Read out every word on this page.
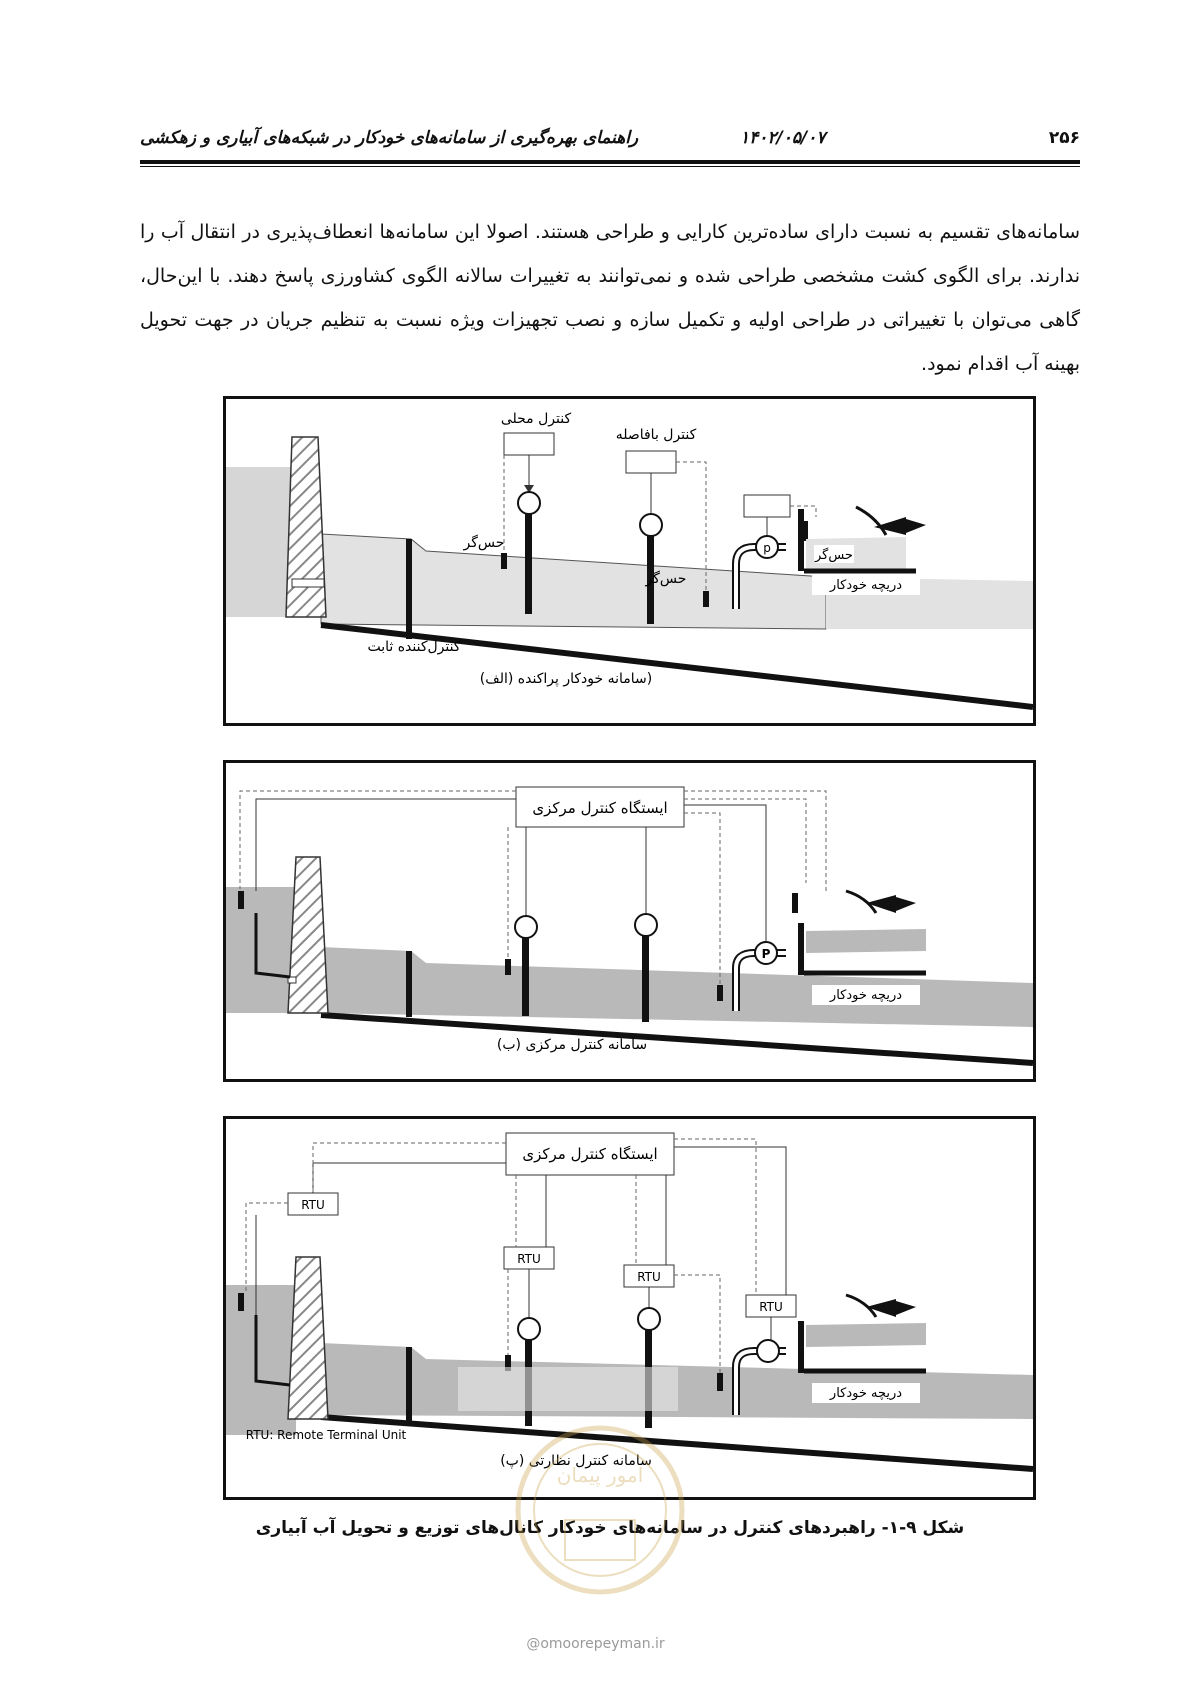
راهنمای بهره‌گیری از سامانه‌های خودکار در شبکه‌های آبیاری و زهکشی	۱۴۰۲/۰۵/۰۷	۲۵۶
سامانه‌های تقسیم به نسبت دارای ساده‌ترین کارایی و طراحی هستند. اصولا این سامانه‌ها انعطاف‌پذیری در انتقال آب را ندارند. برای الگوی کشت مشخصی طراحی شده و نمی‌توانند به تغییرات سالانه الگوی کشاورزی پاسخ دهند. با این‌حال، گاهی می‌توان با تغییراتی در طراحی اولیه و تکمیل سازه و نصب تجهیزات ویژه نسبت به تنظیم جریان در جهت تحویل بهینه آب اقدام نمود.
کنترل‌کننده ثابت
کنترل محلی
حس‌گر
کنترل بافاصله
حس‌گر
p	حس‌گر
دریچه خودکار
(الف) سامانه خودکار پراکنده)
ایستگاه کنترل مرکزی
P
دریچه خودکار
(ب) سامانه کنترل مرکزی
ایستگاه کنترل مرکزی
RTU
RTU
RTU
RTU
دریچه خودکار
RTU: Remote Terminal Unit
(پ) سامانه کنترل نظارتی
شکل ۹-۱- راهبردهای کنترل در سامانه‌های خودکار کانال‌های توزیع و تحویل آب آبیاری
امور پیمان
@omoorepeyman.ir
